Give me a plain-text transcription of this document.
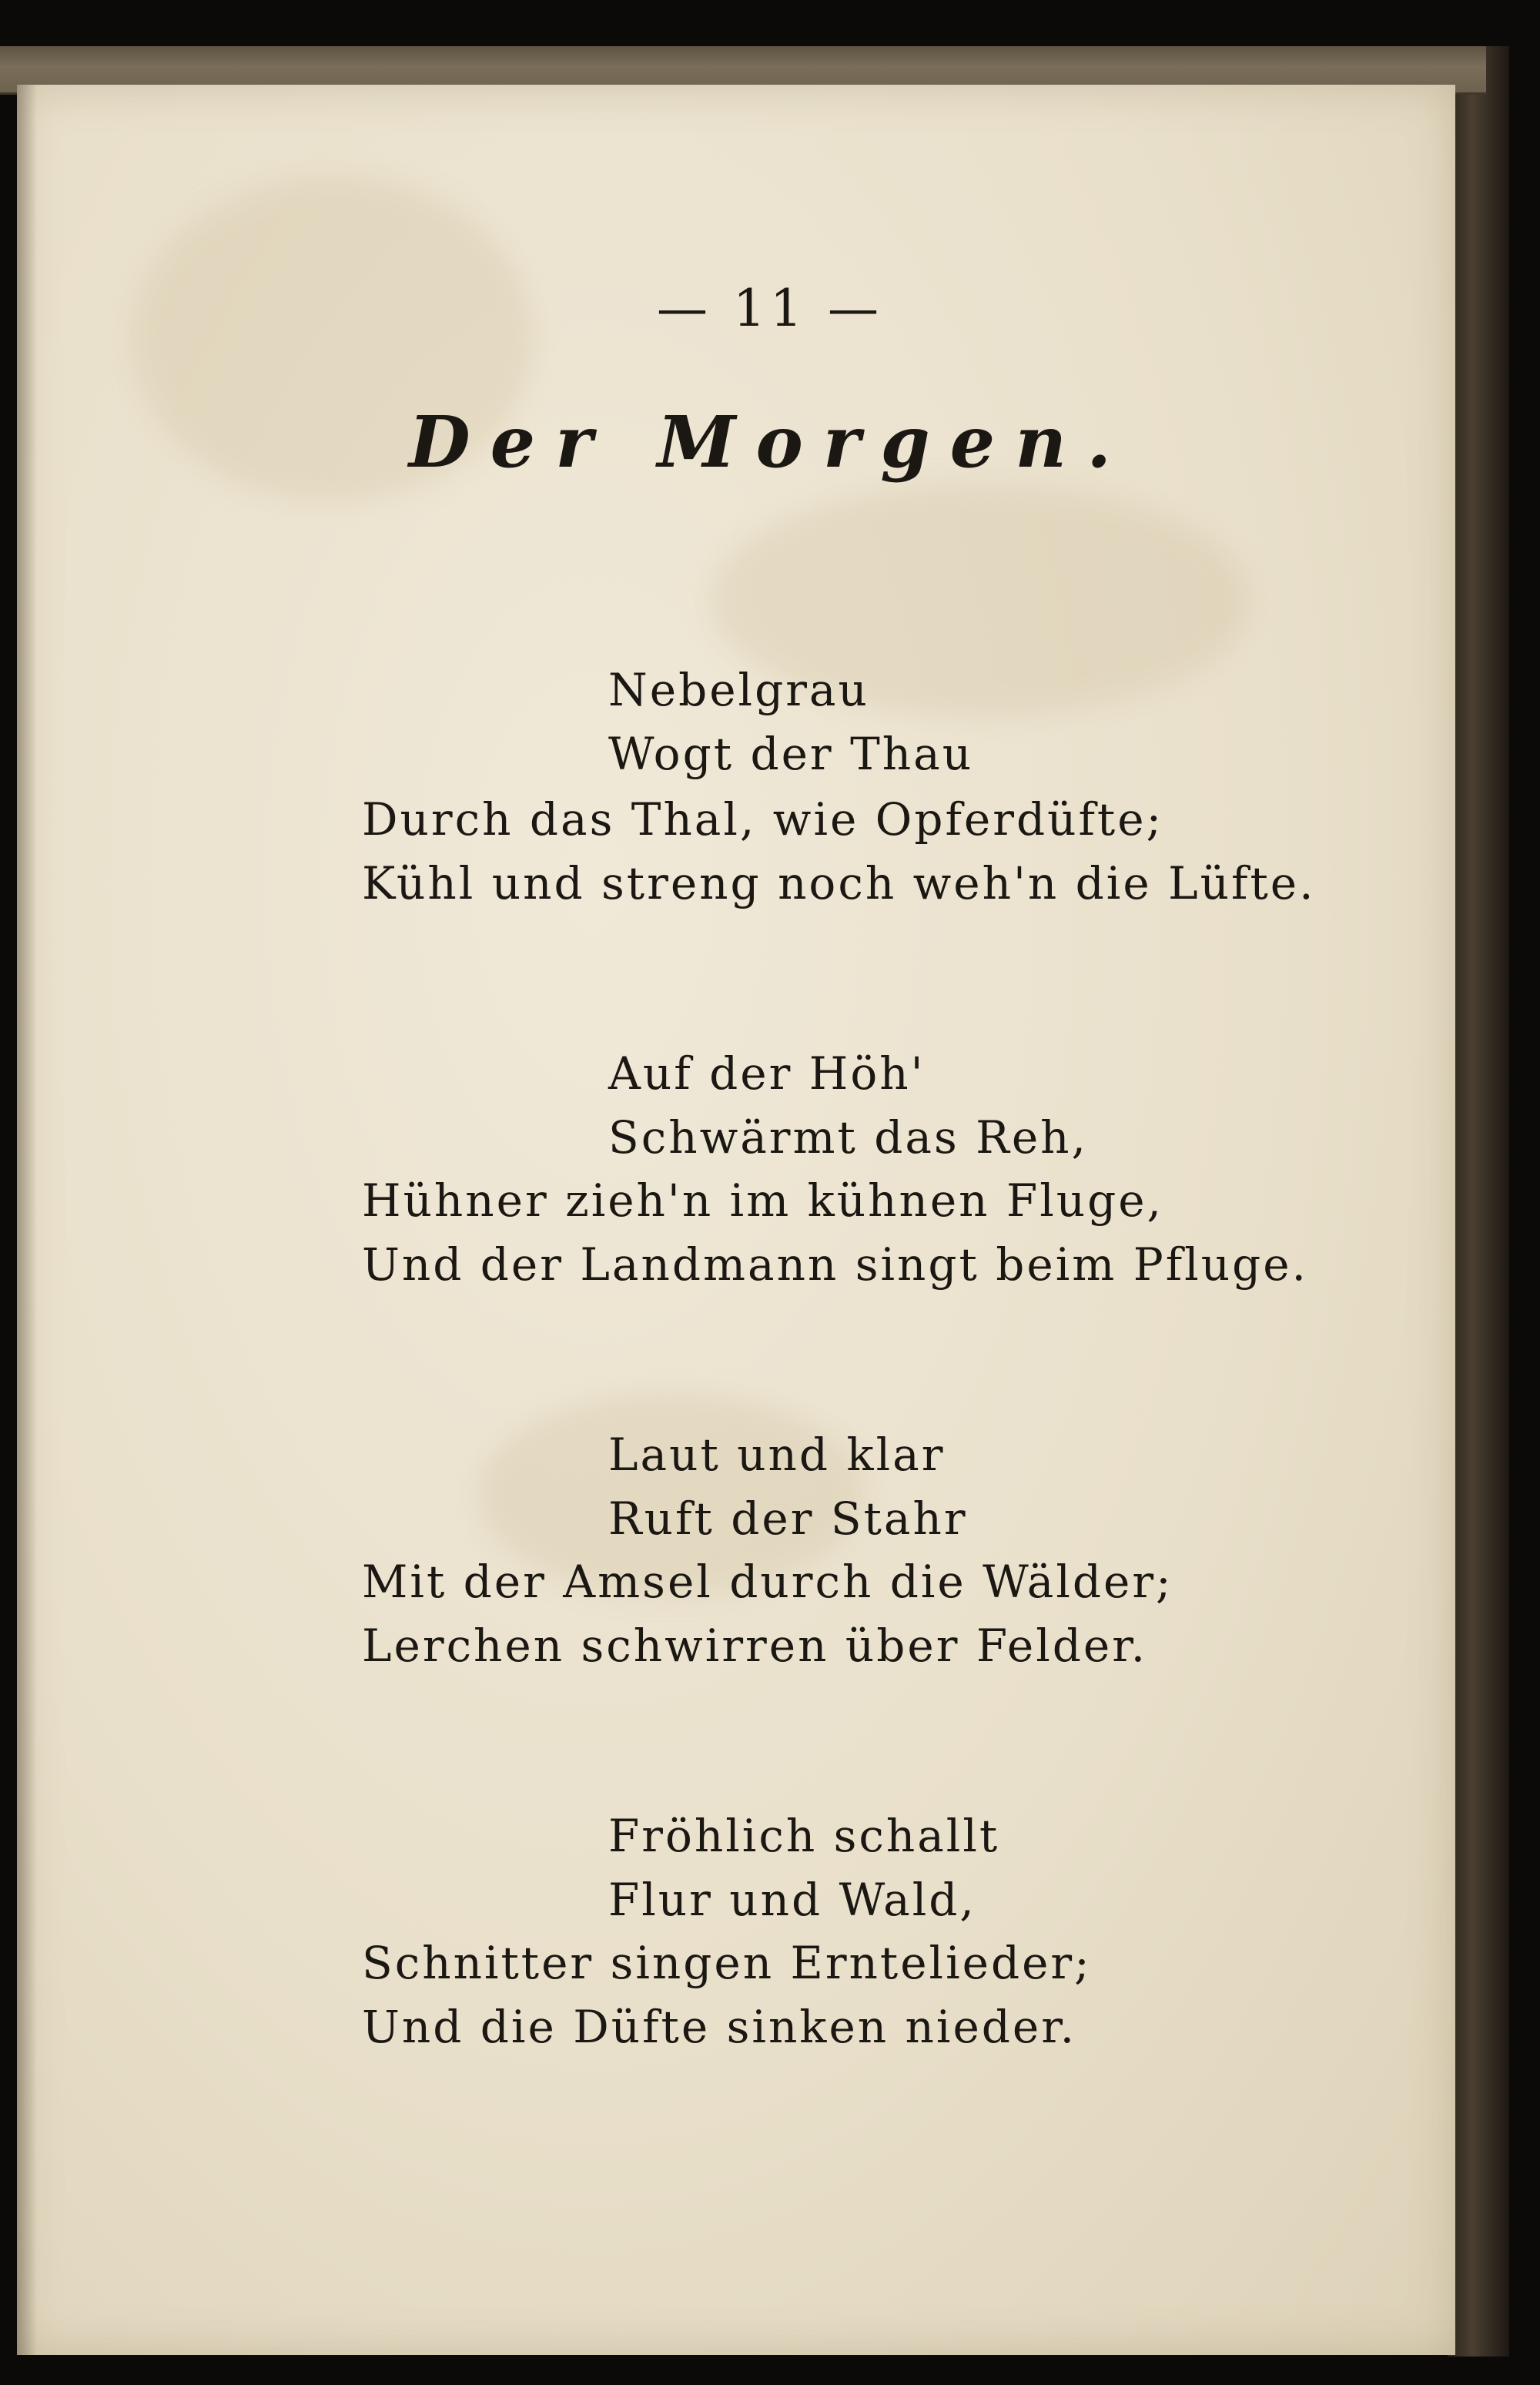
— 11 —
Der Morgen.
Nebelgrau
Wogt der Thau
Durch das Thal, wie Opferdüfte;
Kühl und streng noch weh'n die Lüfte.
Auf der Höh'
Schwärmt das Reh,
Hühner zieh'n im kühnen Fluge,
Und der Landmann singt beim Pfluge.
Laut und klar
Ruft der Stahr
Mit der Amsel durch die Wälder;
Lerchen schwirren über Felder.
Fröhlich schallt
Flur und Wald,
Schnitter singen Erntelieder;
Und die Düfte sinken nieder.
